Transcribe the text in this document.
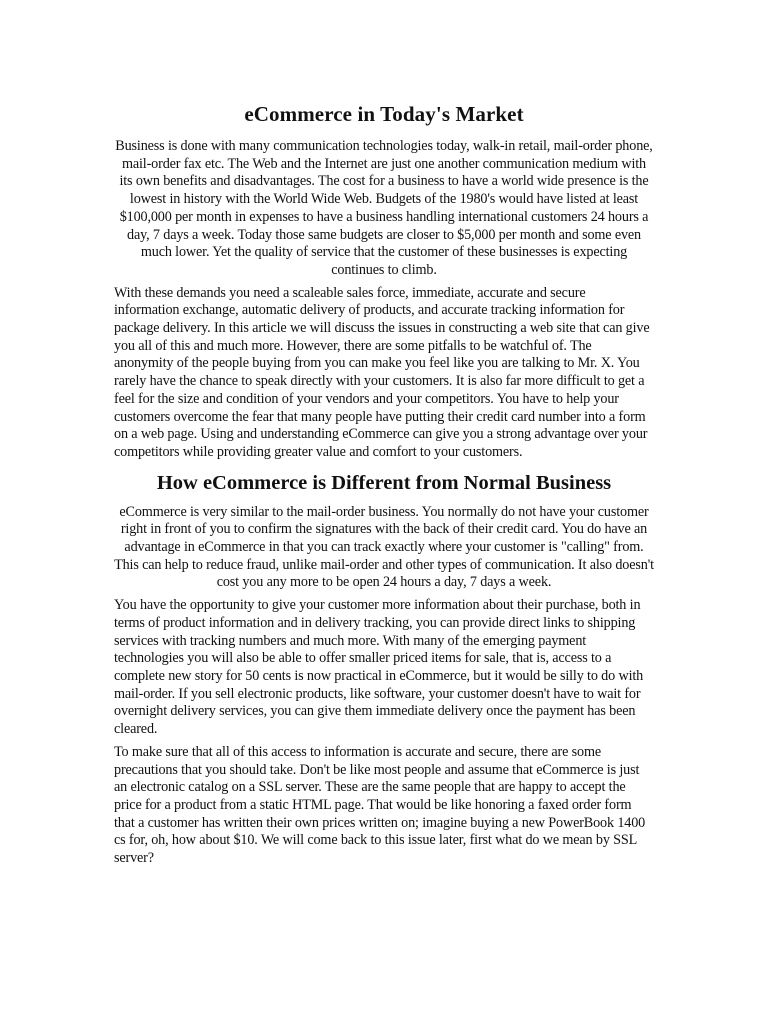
eCommerce in Today's Market

Business is done with many communication technologies today, walk-in retail, mail-order phone, mail-order fax etc. The Web and the Internet are just one another communication medium with its own benefits and disadvantages. The cost for a business to have a world wide presence is the lowest in history with the World Wide Web. Budgets of the 1980's would have listed at least $100,000 per month in expenses to have a business handling international customers 24 hours a day, 7 days a week. Today those same budgets are closer to $5,000 per month and some even much lower. Yet the quality of service that the customer of these businesses is expecting continues to climb.

With these demands you need a scaleable sales force, immediate, accurate and secure information exchange, automatic delivery of products, and accurate tracking information for package delivery. In this article we will discuss the issues in constructing a web site that can give you all of this and much more. However, there are some pitfalls to be watchful of. The anonymity of the people buying from you can make you feel like you are talking to Mr. X. You rarely have the chance to speak directly with your customers. It is also far more difficult to get a feel for the size and condition of your vendors and your competitors. You have to help your customers overcome the fear that many people have putting their credit card number into a form on a web page. Using and understanding eCommerce can give you a strong advantage over your competitors while providing greater value and comfort to your customers.

How eCommerce is Different from Normal Business

eCommerce is very similar to the mail-order business. You normally do not have your customer right in front of you to confirm the signatures with the back of their credit card. You do have an advantage in eCommerce in that you can track exactly where your customer is "calling" from. This can help to reduce fraud, unlike mail-order and other types of communication. It also doesn't cost you any more to be open 24 hours a day, 7 days a week.

You have the opportunity to give your customer more information about their purchase, both in terms of product information and in delivery tracking, you can provide direct links to shipping services with tracking numbers and much more. With many of the emerging payment technologies you will also be able to offer smaller priced items for sale, that is, access to a complete new story for 50 cents is now practical in eCommerce, but it would be silly to do with mail-order. If you sell electronic products, like software, your customer doesn't have to wait for overnight delivery services, you can give them immediate delivery once the payment has been cleared.

To make sure that all of this access to information is accurate and secure, there are some precautions that you should take. Don't be like most people and assume that eCommerce is just an electronic catalog on a SSL server. These are the same people that are happy to accept the price for a product from a static HTML page. That would be like honoring a faxed order form that a customer has written their own prices written on; imagine buying a new PowerBook 1400 cs for, oh, how about $10. We will come back to this issue later, first what do we mean by SSL server?
